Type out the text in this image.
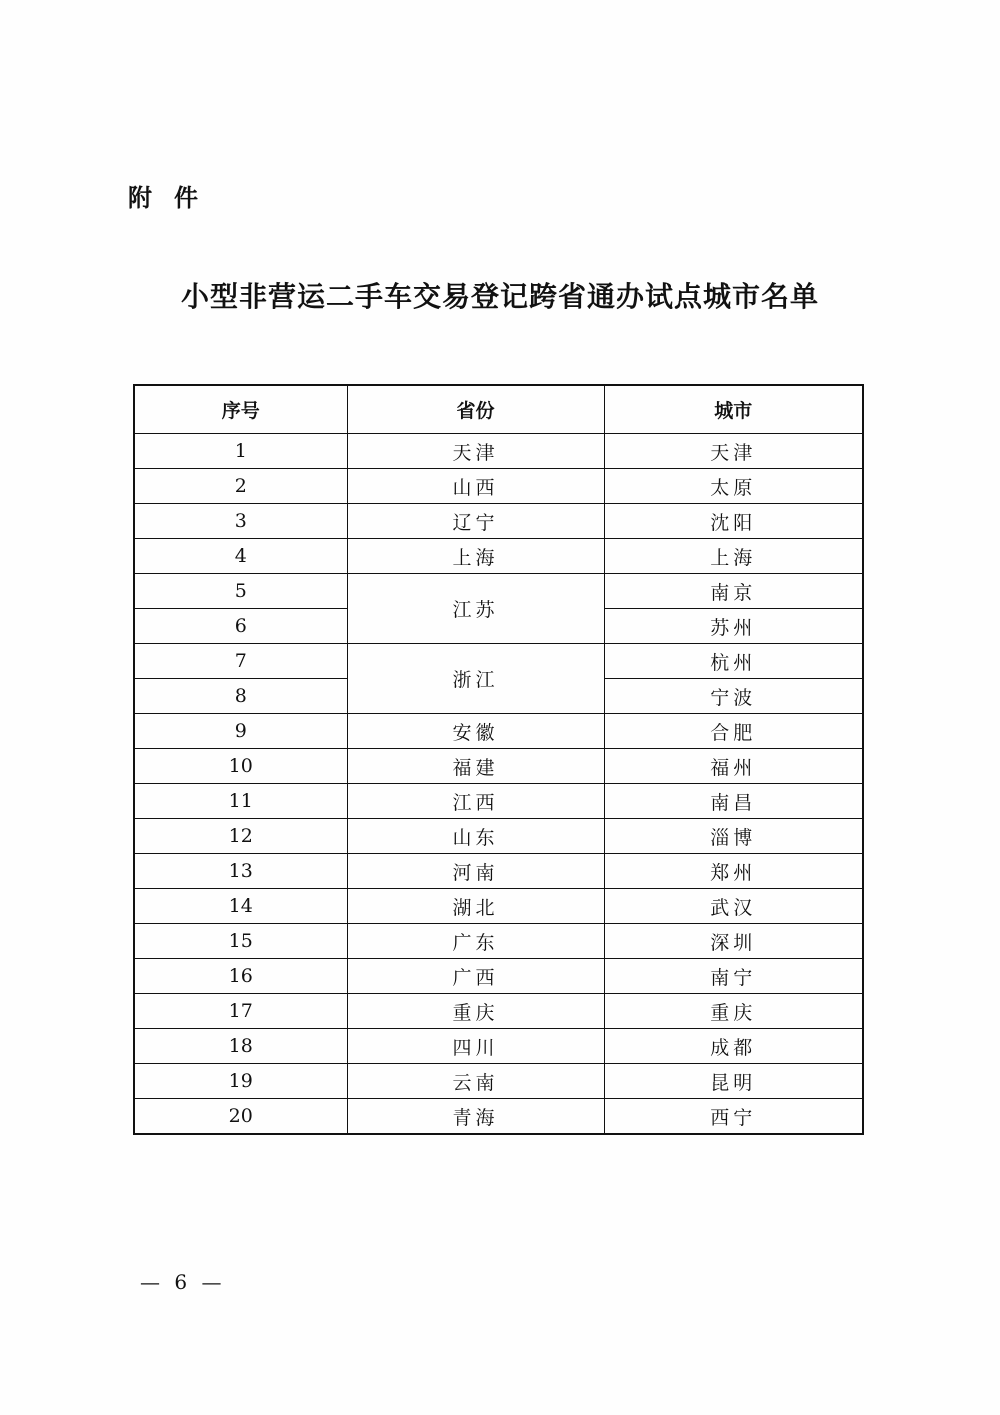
附件
小型非营运二手车交易登记跨省通办试点城市名单
序号	省份	城市
1	天津	天津
2	山西	太原
3	辽宁	沈阳
4	上海	上海
5	江苏	南京
6		苏州
7	浙江	杭州
8		宁波
9	安徽	合肥
10	福建	福州
11	江西	南昌
12	山东	淄博
13	河南	郑州
14	湖北	武汉
15	广东	深圳
16	广西	南宁
17	重庆	重庆
18	四川	成都
19	云南	昆明
20	青海	西宁
— 6 —
